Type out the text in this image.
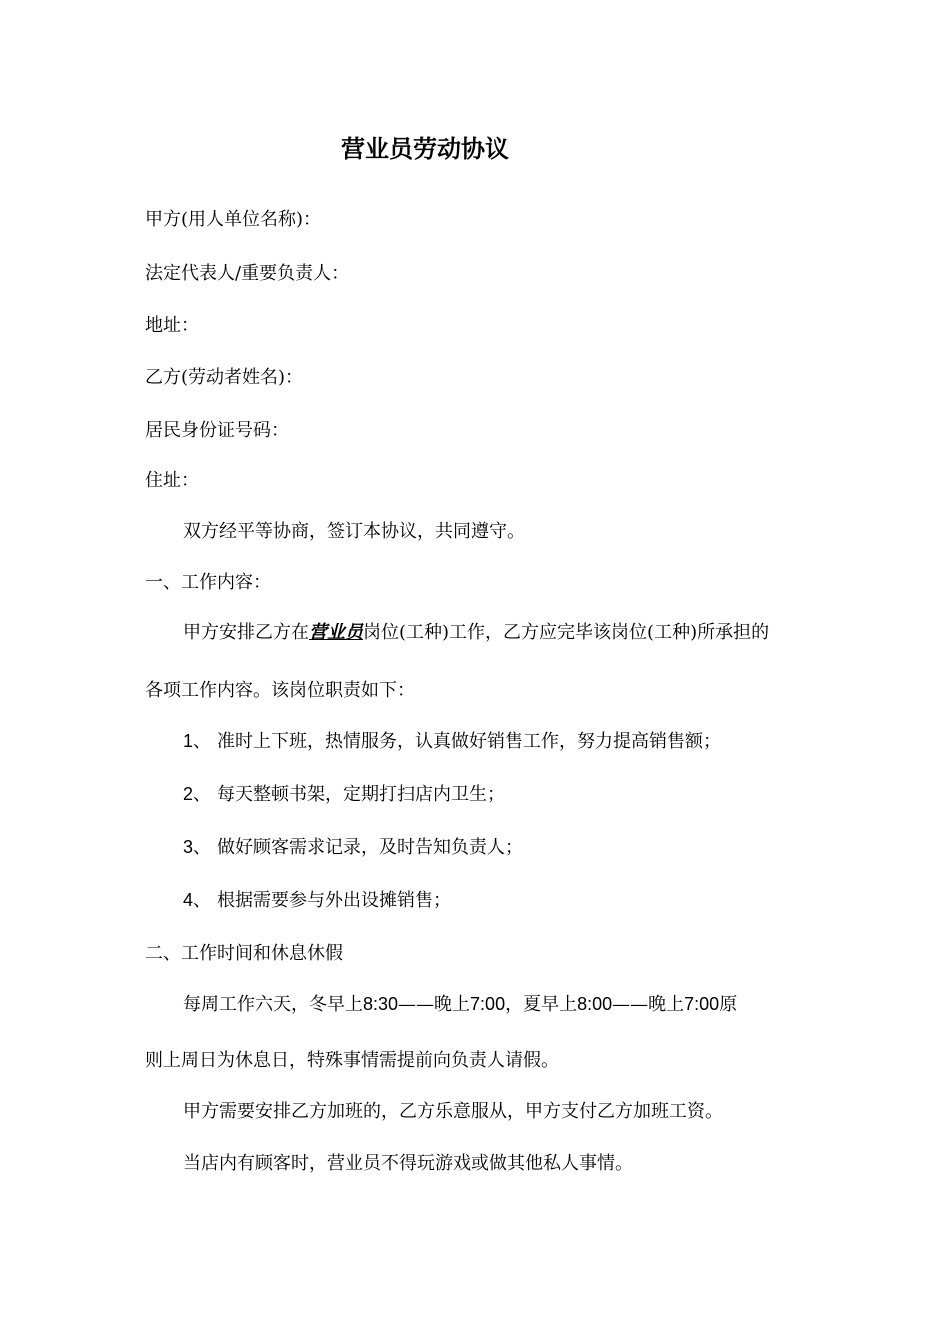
营业员劳动协议
甲方(用人单位名称)：
法定代表人/重要负责人：
地址：
乙方(劳动者姓名)：
居民身份证号码：
住址：
双方经平等协商，签订本协议，共同遵守。
一、工作内容：
甲方安排乙方在营业员岗位(工种)工作，乙方应完毕该岗位(工种)所承担的
各项工作内容。该岗位职责如下：
1、 准时上下班，热情服务，认真做好销售工作，努力提高销售额；
2、 每天整顿书架，定期打扫店内卫生；
3、 做好顾客需求记录，及时告知负责人；
4、 根据需要参与外出设摊销售；
二、工作时间和休息休假
每周工作六天，冬早上8:30——晚上7:00，夏早上8:00——晚上7:00原
则上周日为休息日，特殊事情需提前向负责人请假。
甲方需要安排乙方加班的，乙方乐意服从，甲方支付乙方加班工资。
当店内有顾客时，营业员不得玩游戏或做其他私人事情。
